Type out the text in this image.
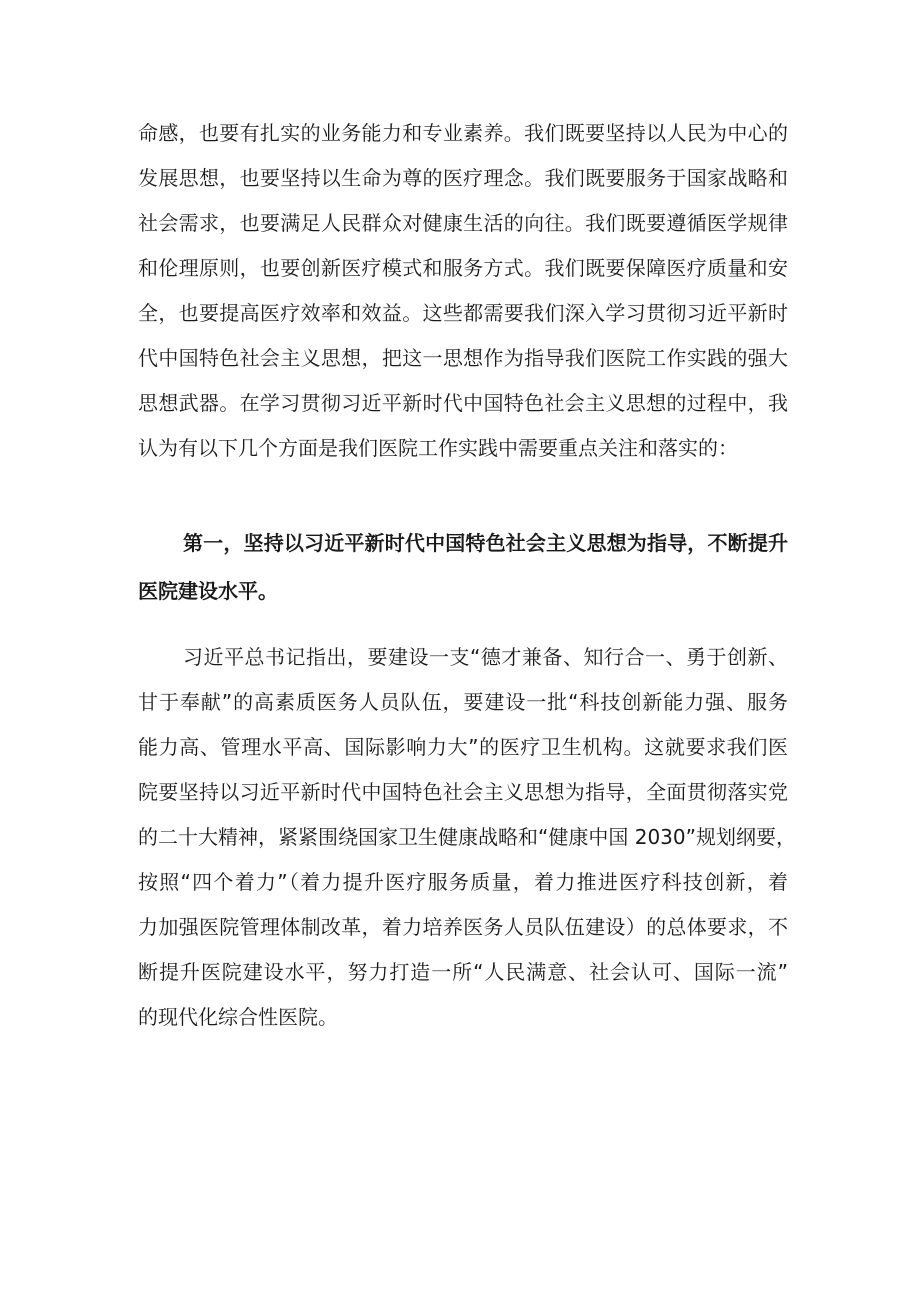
命感，也要有扎实的业务能力和专业素养。我们既要坚持以人民为中心的
发展思想，也要坚持以生命为尊的医疗理念。我们既要服务于国家战略和
社会需求，也要满足人民群众对健康生活的向往。我们既要遵循医学规律
和伦理原则，也要创新医疗模式和服务方式。我们既要保障医疗质量和安
全，也要提高医疗效率和效益。这些都需要我们深入学习贯彻习近平新时
代中国特色社会主义思想，把这一思想作为指导我们医院工作实践的强大
思想武器。在学习贯彻习近平新时代中国特色社会主义思想的过程中，我
认为有以下几个方面是我们医院工作实践中需要重点关注和落实的：
第一，坚持以习近平新时代中国特色社会主义思想为指导，不断提升
医院建设水平。
习近平总书记指出，要建设一支“德才兼备、知行合一、勇于创新、
甘于奉献”的高素质医务人员队伍，要建设一批“科技创新能力强、服务
能力高、管理水平高、国际影响力大”的医疗卫生机构。这就要求我们医
院要坚持以习近平新时代中国特色社会主义思想为指导，全面贯彻落实党
的二十大精神，紧紧围绕国家卫生健康战略和“健康中国 2030”规划纲要，
按照“四个着力”（着力提升医疗服务质量，着力推进医疗科技创新，着
力加强医院管理体制改革，着力培养医务人员队伍建设）的总体要求，不
断提升医院建设水平，努力打造一所“人民满意、社会认可、国际一流”
的现代化综合性医院。
